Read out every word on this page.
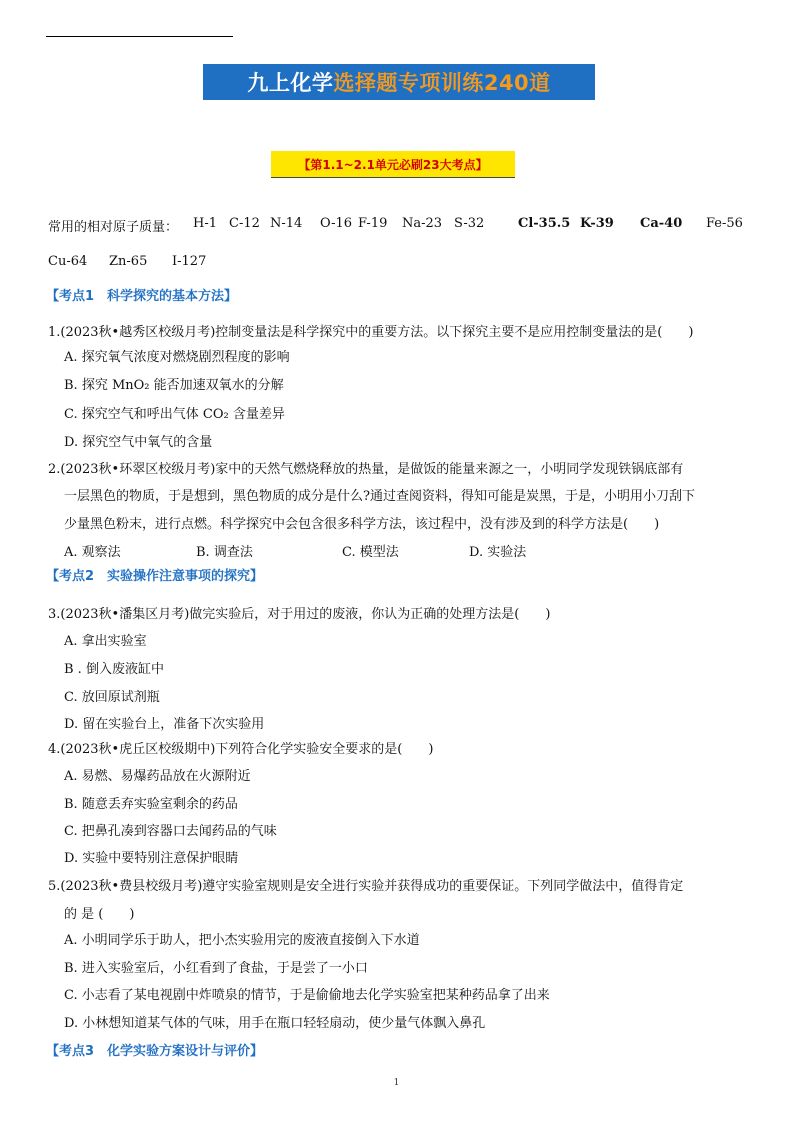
九上化学 选择题专项训练240道
【第1.1~2.1单元必刷23大考点】
常用的相对原子质量： H-1 C-12 N-14 O-16 F-19 Na-23 S-32	Cl-35.5 K-39 Ca-40 Fe-56
Cu-64 Zn-65 I-127
【考点1　科学探究的基本方法】
1.(2023秋•越秀区校级月考)控制变量法是科学探究中的重要方法。以下探究主要不是应用控制变量法的是(　　)
A. 探究氧气浓度对燃烧剧烈程度的影响
B. 探究 MnO₂ 能否加速双氧水的分解
C. 探究空气和呼出气体 CO₂ 含量差异
D. 探究空气中氧气的含量
2.(2023秋•环翠区校级月考)家中的天然气燃烧释放的热量，是做饭的能量来源之一，小明同学发现铁锅底部有
一层黑色的物质，于是想到，黑色物质的成分是什么?通过查阅资料，得知可能是炭黑，于是，小明用小刀刮下
少量黑色粉末，进行点燃。科学探究中会包含很多科学方法，该过程中，没有涉及到的科学方法是(　　)
A. 观察法	B. 调查法	C. 模型法	D. 实验法
【考点2　实验操作注意事项的探究】
3.(2023秋•潘集区月考)做完实验后，对于用过的废液，你认为正确的处理方法是(　　)
A. 拿出实验室
B . 倒入废液缸中
C. 放回原试剂瓶
D. 留在实验台上，准备下次实验用
4.(2023秋•虎丘区校级期中)下列符合化学实验安全要求的是(　　)
A. 易燃、易爆药品放在火源附近
B. 随意丢弃实验室剩余的药品
C. 把鼻孔凑到容器口去闻药品的气味
D. 实验中要特别注意保护眼睛
5.(2023秋•费县校级月考)遵守实验室规则是安全进行实验并获得成功的重要保证。下列同学做法中，值得肯定
的 是 (　　)
A. 小明同学乐于助人，把小杰实验用完的废液直接倒入下水道
B. 进入实验室后，小红看到了食盐，于是尝了一小口
C. 小志看了某电视剧中炸喷泉的情节，于是偷偷地去化学实验室把某种药品拿了出来
D. 小林想知道某气体的气味，用手在瓶口轻轻扇动，使少量气体飘入鼻孔
【考点3　化学实验方案设计与评价】
1
